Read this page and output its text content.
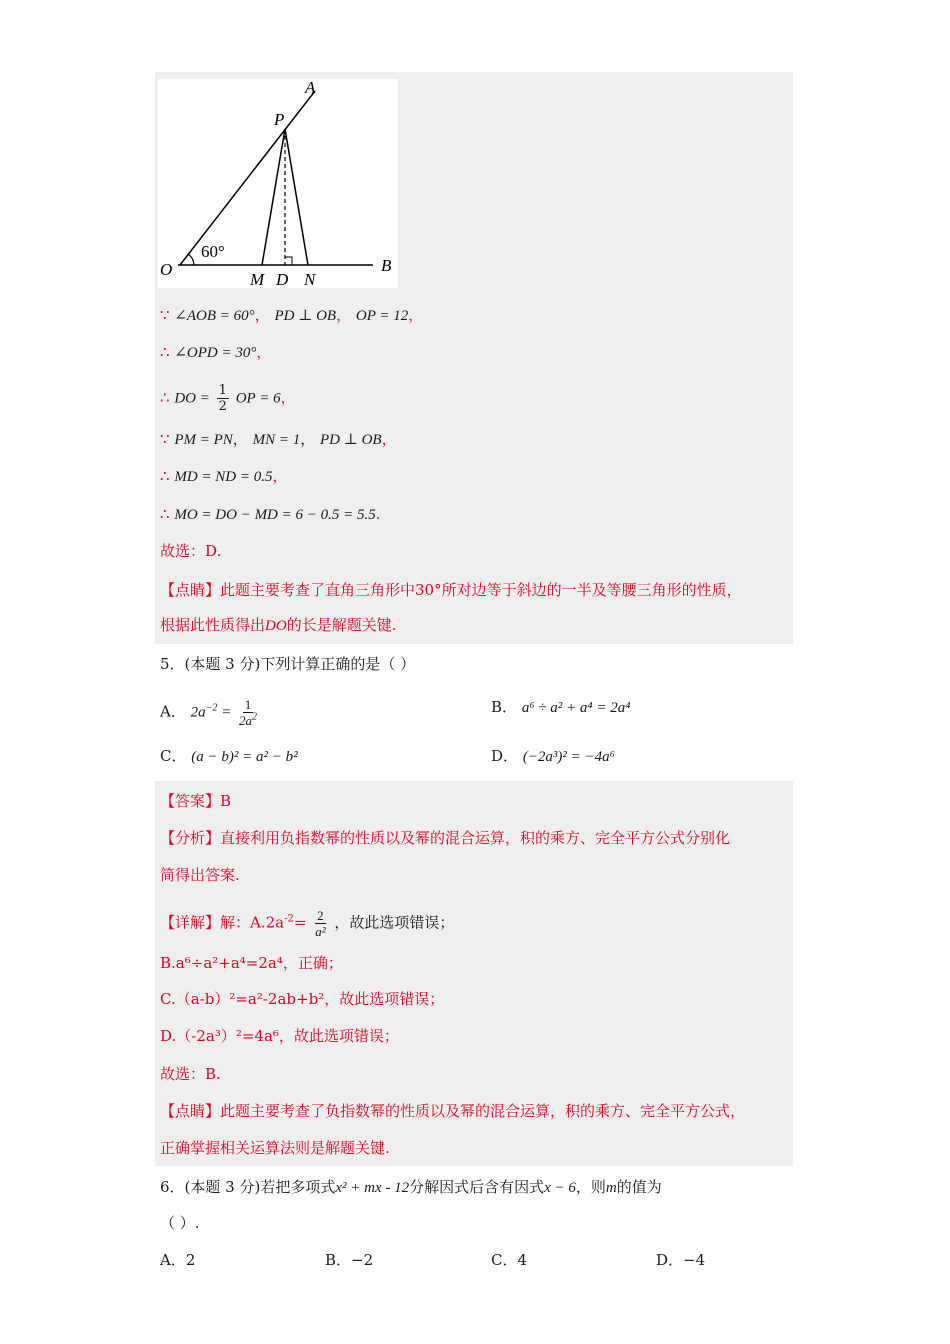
A
P
O
60°
M D N
B
∵ ∠AOB = 60°， PD ⊥ OB， OP = 12，
∴ ∠OPD = 30°，
∴ DO = $\frac{1}{2}$ OP = 6，
∵ PM = PN， MN = 1， PD ⊥ OB，
∴ MD = ND = 0.5，
∴ MO = DO − MD = 6 − 0.5 = 5.5.
故选：D.
【点睛】此题主要考查了直角三角形中30°所对边等于斜边的一半及等腰三角形的性质，
根据此性质得出DO的长是解题关键.
5．(本题 3 分)下列计算正确的是（ ）
A． $2a^{-2} = \frac{1}{2a^2}$	B． a⁶ ÷ a² + a⁴ = 2a⁴
C． (a − b)² = a² − b²	D． (−2a³)² = −4a⁶
【答案】B
【分析】直接利用负指数幂的性质以及幂的混合运算，积的乘方、完全平方公式分别化
简得出答案.
【详解】解：$A.2a^{-2}= \frac{2}{\text{a²}}$ ，故此选项错误；
B.a⁶÷a²+a⁴=2a⁴，正确；
C.（a-b）²=a²-2ab+b²，故此选项错误；
D.（-2a³）²=4a⁶，故此选项错误；
故选：B.
【点睛】此题主要考查了负指数幂的性质以及幂的混合运算，积的乘方、完全平方公式，
正确掌握相关运算法则是解题关键.
6．(本题 3 分)若把多项式x² + mx - 12分解因式后含有因式x − 6，则m的值为
（ ）.
A．2	B．−2	C．4	D．−4
